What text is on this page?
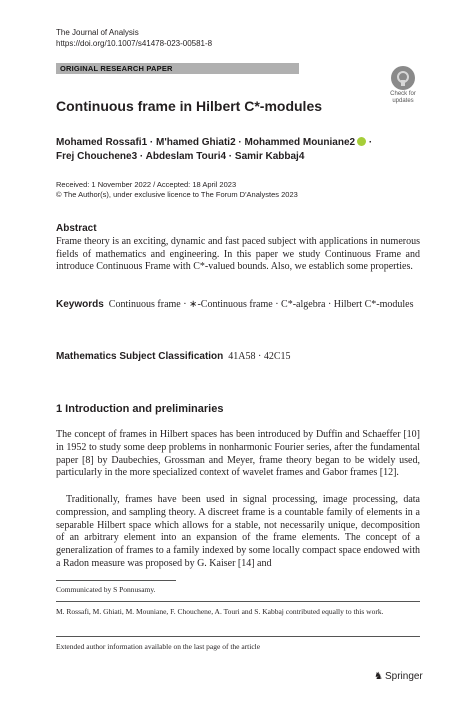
The Journal of Analysis
https://doi.org/10.1007/s41478-023-00581-8
ORIGINAL RESEARCH PAPER
Check for
updates
Continuous frame in Hilbert C*-modules
Mohamed Rossafi1 · M'hamed Ghiati2 · Mohammed Mouniane2 ·
Frej Chouchene3 · Abdeslam Touri4 · Samir Kabbaj4
Received: 1 November 2022 / Accepted: 18 April 2023
© The Author(s), under exclusive licence to The Forum D'Analystes 2023
Abstract
Frame theory is an exciting, dynamic and fast paced subject with applications in numerous fields of mathematics and engineering. In this paper we study Continuous Frame and introduce Continuous Frame with C*-valued bounds. Also, we establich some properties.
Keywords Continuous frame · ∗-Continuous frame · C*-algebra · Hilbert C*-modules
Mathematics Subject Classification 41A58 · 42C15
1 Introduction and preliminaries
The concept of frames in Hilbert spaces has been introduced by Duffin and Schaeffer [10] in 1952 to study some deep problems in nonharmonic Fourier series, after the fundamental paper [8] by Daubechies, Grossman and Meyer, frame theory began to be widely used, particularly in the more specialized context of wavelet frames and Gabor frames [12].
Traditionally, frames have been used in signal processing, image processing, data compression, and sampling theory. A discreet frame is a countable family of elements in a separable Hilbert space which allows for a stable, not necessarily unique, decomposition of an arbitrary element into an expansion of the frame elements. The concept of a generalization of frames to a family indexed by some locally compact space endowed with a Radon measure was proposed by G. Kaiser [14] and
Communicated by S Ponnusamy.
M. Rossafi, M. Ghiati, M. Mouniane, F. Chouchene, A. Touri and S. Kabbaj contributed equally to this work.
Extended author information available on the last page of the article
♞ Springer
